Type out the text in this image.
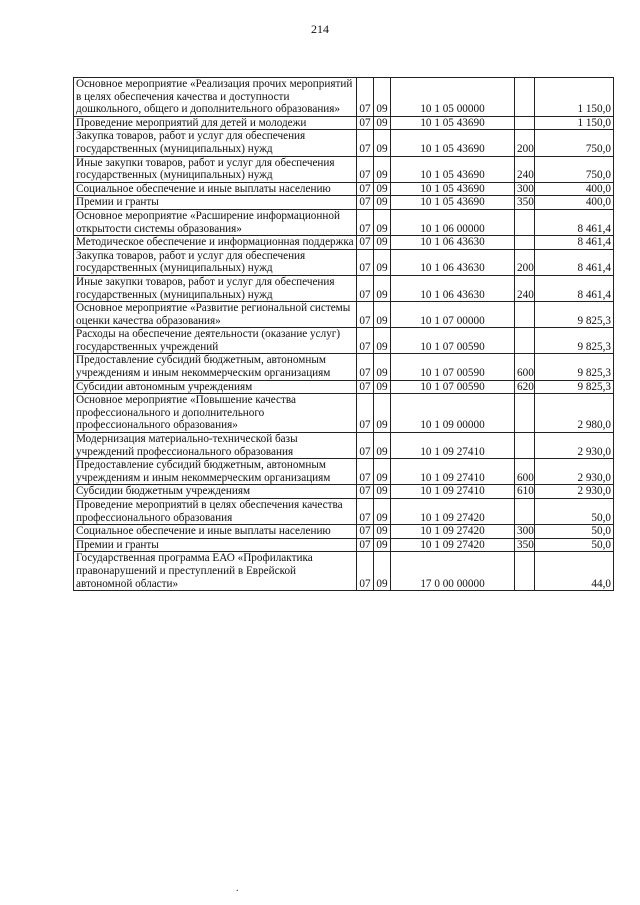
214
Основное мероприятие «Реализация прочих мероприятий в целях обеспечения качества и доступности дошкольного, общего и дополнительного образования»	07	09	10 1 05 00000		1 150,0
Проведение мероприятий для детей и молодежи	07	09	10 1 05 43690		1 150,0
Закупка товаров, работ и услуг для обеспечения государственных (муниципальных) нужд	07	09	10 1 05 43690	200	750,0
Иные закупки товаров, работ и услуг для обеспечения государственных (муниципальных) нужд	07	09	10 1 05 43690	240	750,0
Социальное обеспечение и иные выплаты населению	07	09	10 1 05 43690	300	400,0
Премии и гранты	07	09	10 1 05 43690	350	400,0
Основное мероприятие «Расширение информационной открытости системы образования»	07	09	10 1 06 00000		8 461,4
Методическое обеспечение и информационная поддержка	07	09	10 1 06 43630		8 461,4
Закупка товаров, работ и услуг для обеспечения государственных (муниципальных) нужд	07	09	10 1 06 43630	200	8 461,4
Иные закупки товаров, работ и услуг для обеспечения государственных (муниципальных) нужд	07	09	10 1 06 43630	240	8 461,4
Основное мероприятие «Развитие региональной системы оценки качества образования»	07	09	10 1 07 00000		9 825,3
Расходы на обеспечение деятельности (оказание услуг) государственных учреждений	07	09	10 1 07 00590		9 825,3
Предоставление субсидий бюджетным, автономным учреждениям и иным некоммерческим организациям	07	09	10 1 07 00590	600	9 825,3
Субсидии автономным учреждениям	07	09	10 1 07 00590	620	9 825,3
Основное мероприятие «Повышение качества профессионального и дополнительного профессионального образования»	07	09	10 1 09 00000		2 980,0
Модернизация материально-технической базы учреждений профессионального образования	07	09	10 1 09 27410		2 930,0
Предоставление субсидий бюджетным, автономным учреждениям и иным некоммерческим организациям	07	09	10 1 09 27410	600	2 930,0
Субсидии бюджетным учреждениям	07	09	10 1 09 27410	610	2 930,0
Проведение мероприятий в целях обеспечения качества профессионального образования	07	09	10 1 09 27420		50,0
Социальное обеспечение и иные выплаты населению	07	09	10 1 09 27420	300	50,0
Премии и гранты	07	09	10 1 09 27420	350	50,0
Государственная программа ЕАО «Профилактика правонарушений и преступлений в Еврейской автономной области»	07	09	17 0 00 00000		44,0
.
